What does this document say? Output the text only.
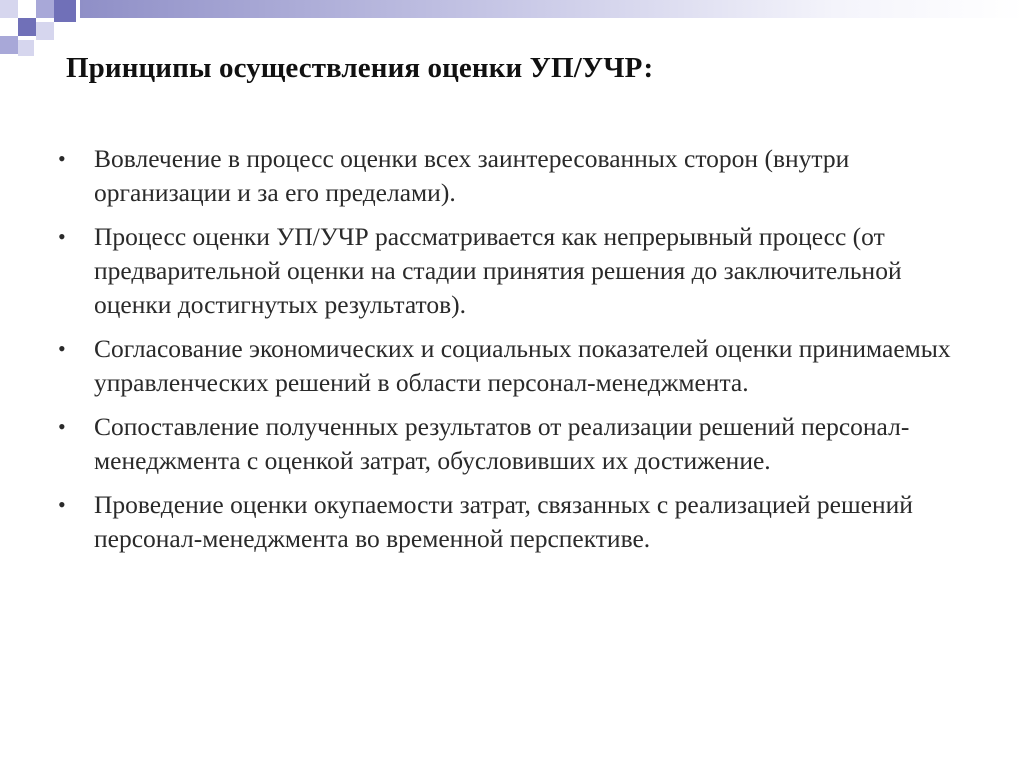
Принципы осуществления оценки УП/УЧР:
• Вовлечение в процесс оценки всех заинтересованных сторон (внутри организации и за его пределами).
• Процесс оценки УП/УЧР рассматривается как непрерывный процесс (от предварительной оценки на стадии принятия решения до заключительной оценки достигнутых результатов).
• Согласование экономических и социальных показателей оценки принимаемых управленческих решений в области персонал-менеджмента.
• Сопоставление полученных результатов от реализации решений персонал-менеджмента с оценкой затрат, обусловивших их достижение.
• Проведение оценки окупаемости затрат, связанных с реализацией решений персонал-менеджмента во временной перспективе.
